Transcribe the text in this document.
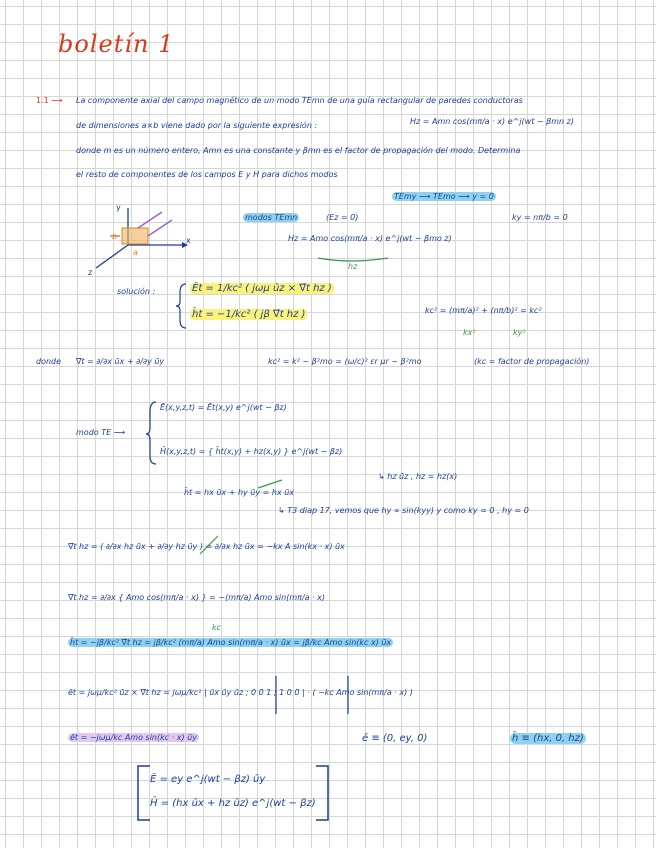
boletín 1
1.1 ⟶ La componente axial del campo magnético de un modo TEmn de una guía rectangular de paredes conductoras
de dimensiones a×b viene dado por la siguiente expresión :	Hz = Amn cos(mπ/a · x) e^j(wt − βmn z)
donde m es un número entero, Amn es una constante y βmn es el factor de propagación del modo. Determina
el resto de componentes de los campos E y H para dichos modos
TEmy ⟶ TEmo ⟶ y = 0
ky = nπ/b = 0
modos TEmn	(Ez = 0)
Hz = Amo cos(mπ/a · x) e^j(wt − βmo z)
hz
y
x
z
a
b
solución :	Ēt = 1/kc² ( jωμ ūz × ∇̄t hz )
h̄t = −1/kc² ( jβ ∇̄t hz )	kc² = (mπ/a)² + (nπ/b)² = kc²
kx²	ky²
donde ∇̄t = ∂/∂x ūx + ∂/∂y ūy	kc² = k² − β²mo = (ω/c)² εr μr − β²mo	(kc = factor de propagación)
modo TE ⟶
Ē(x,y,z,t) = Ēt(x,y) e^j(wt − βz)
H̄(x,y,z,t) = { h̄t(x,y) + hz(x,y) } e^j(wt − βz)
↳ hz ūz , hz = hz(x)
h̄t = hx ūx + hy ūy = hx ūx
↳ T3 diap 17, vemos que hy ∝ sin(kyy) y como ky = 0 , hy = 0
∇̄t hz = ( ∂/∂x hz ūx + ∂/∂y hz ūy ) = ∂/∂x hz ūx = −kx A sin(kx · x) ūx
∇̄t hz = ∂/∂x { Amo cos(mπ/a · x) } = −(mπ/a) Amo sin(mπ/a · x)
kc
h̄t = −jβ/kc² ∇̄t hz = jβ/kc² (mπ/a) Amo sin(mπ/a · x) ūx = jβ/kc Amo sin(kc x) ūx
ēt = jωμ/kc² ūz × ∇̄t hz = jωμ/kc² | ūx ūy ūz ; 0 0 1 ; 1 0 0 | · ( −kc Amo sin(mπ/a · x) )
ēt = −jωμ/kc Amo sin(kc · x) ūy	ē ≡ (0, ey, 0)	h̄ ≡ (hx, 0, hz)
Ē = ey e^j(wt − βz) ūy
H̄ = (hx ūx + hz ūz) e^j(wt − βz)
